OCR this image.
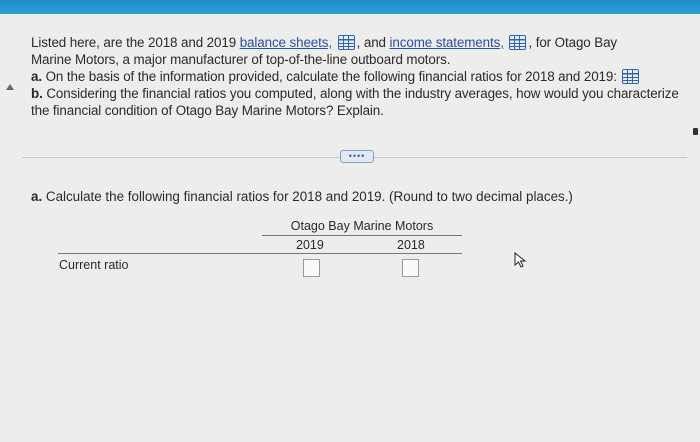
Listed here, are the 2018 and 2019 balance sheets, , and income statements, , for Otago Bay

Marine Motors, a major manufacturer of top-of-the-line outboard motors.

a. On the basis of the information provided, calculate the following financial ratios for 2018 and 2019:

b. Considering the financial ratios you computed, along with the industry averages, how would you characterize

the financial condition of Otago Bay Marine Motors? Explain.

••••
a. Calculate the following financial ratios for 2018 and 2019. (Round to two decimal places.)
Otago Bay Marine Motors
2019	2018
Current ratio
